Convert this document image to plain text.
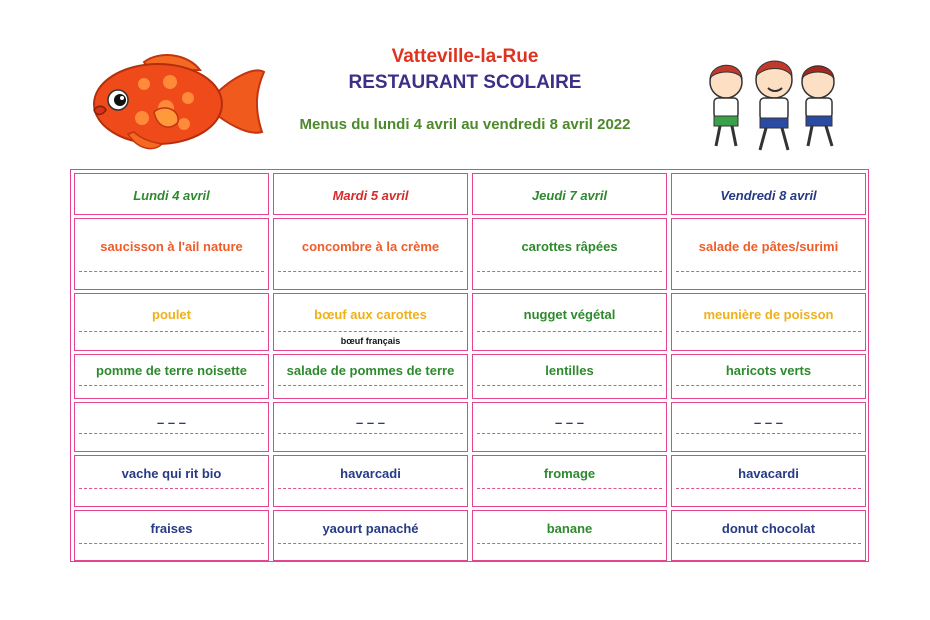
Vatteville-la-Rue
RESTAURANT SCOLAIRE
Menus du lundi 4 avril au vendredi 8 avril 2022
Lundi 4 avril
saucisson à l'ail nature
poulet
pomme de terre noisette
– – –
vache qui rit bio
fraises
Mardi 5 avril
concombre à la crème
bœuf aux carottes
bœuf français
salade de pommes de terre
– – –
havarcadi
yaourt panaché
Jeudi 7 avril
carottes râpées
nugget végétal
lentilles
– – –
fromage
banane
Vendredi 8 avril
salade de pâtes/surimi
meunière de poisson
haricots verts
– – –
havacardi
donut chocolat
